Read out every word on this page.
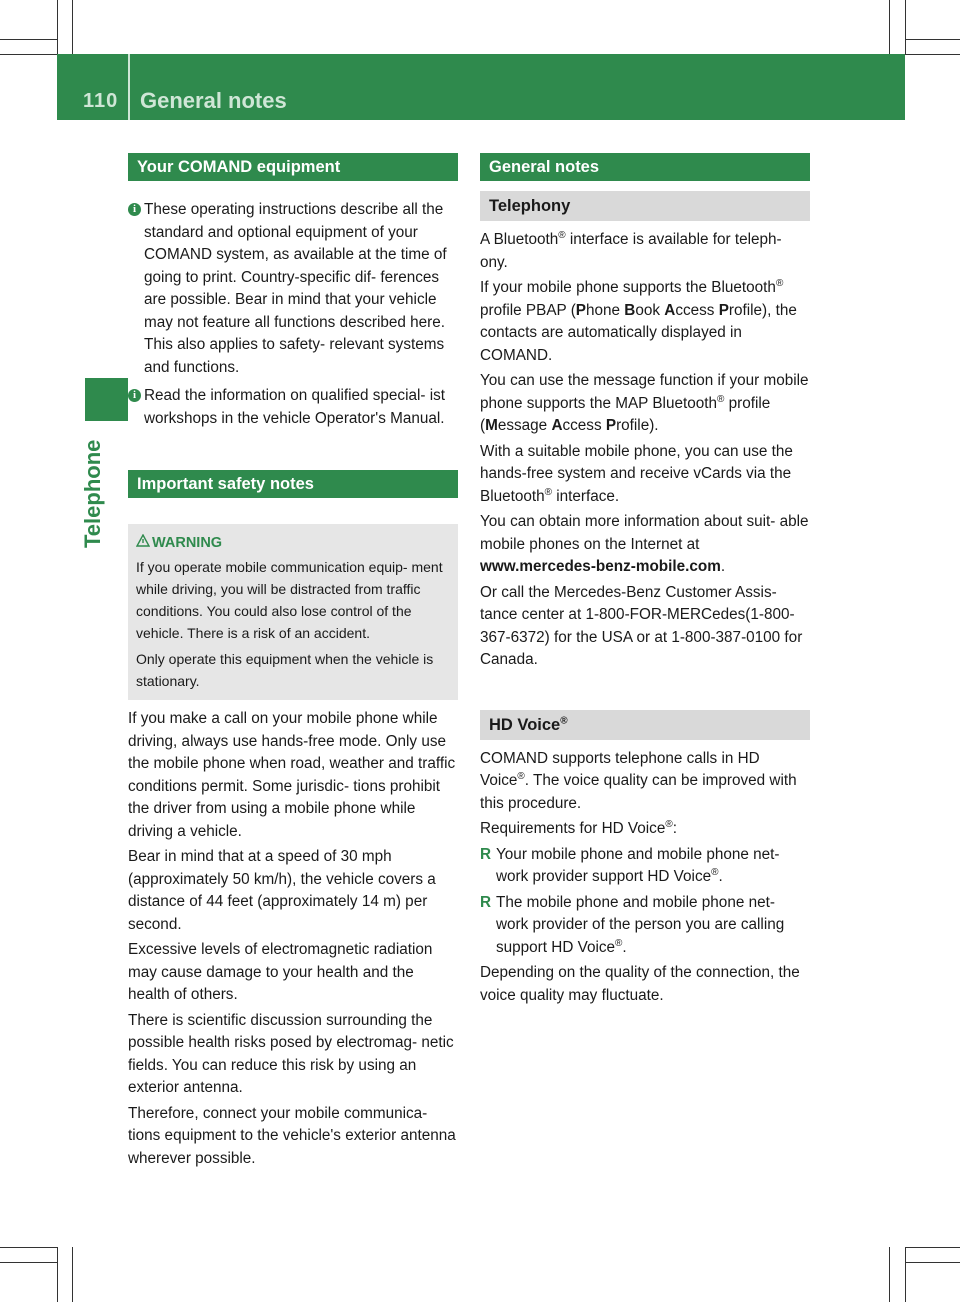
110 General notes
Telephone
Your COMAND equipment
i These operating instructions describe all the standard and optional equipment of your COMAND system, as available at the time of going to print. Country-specific dif- ferences are possible. Bear in mind that your vehicle may not feature all functions described here. This also applies to safety- relevant systems and functions.

i Read the information on qualified special- ist workshops in the vehicle Operator's Manual.

Important safety notes
WARNING

If you operate mobile communication equip- ment while driving, you will be distracted from traffic conditions. You could also lose control of the vehicle. There is a risk of an accident.

Only operate this equipment when the vehicle is stationary.

If you make a call on your mobile phone while driving, always use hands-free mode. Only use the mobile phone when road, weather and traffic conditions permit. Some jurisdic- tions prohibit the driver from using a mobile phone while driving a vehicle.

Bear in mind that at a speed of 30 mph (approximately 50 km/h), the vehicle covers a distance of 44 feet (approximately 14 m) per second.

Excessive levels of electromagnetic radiation may cause damage to your health and the health of others.

There is scientific discussion surrounding the possible health risks posed by electromag- netic fields. You can reduce this risk by using an exterior antenna.

Therefore, connect your mobile communica- tions equipment to the vehicle's exterior antenna wherever possible.

General notes
Telephony

A Bluetooth® interface is available for teleph- ony.

If your mobile phone supports the Bluetooth® profile PBAP (Phone Book Access Profile), the contacts are automatically displayed in COMAND.

You can use the message function if your mobile phone supports the MAP Bluetooth® profile (Message Access Profile).

With a suitable mobile phone, you can use the hands-free system and receive vCards via the Bluetooth® interface.

You can obtain more information about suit- able mobile phones on the Internet at www.mercedes-benz-mobile.com.

Or call the Mercedes-Benz Customer Assis- tance center at 1-800-FOR-MERCedes(1-800-367-6372) for the USA or at 1-800-387-0100 for Canada.

HD Voice®

COMAND supports telephone calls in HD Voice®. The voice quality can be improved with this procedure.

Requirements for HD Voice®:

R Your mobile phone and mobile phone net- work provider support HD Voice®.

R The mobile phone and mobile phone net- work provider of the person you are calling support HD Voice®.

Depending on the quality of the connection, the voice quality may fluctuate.
